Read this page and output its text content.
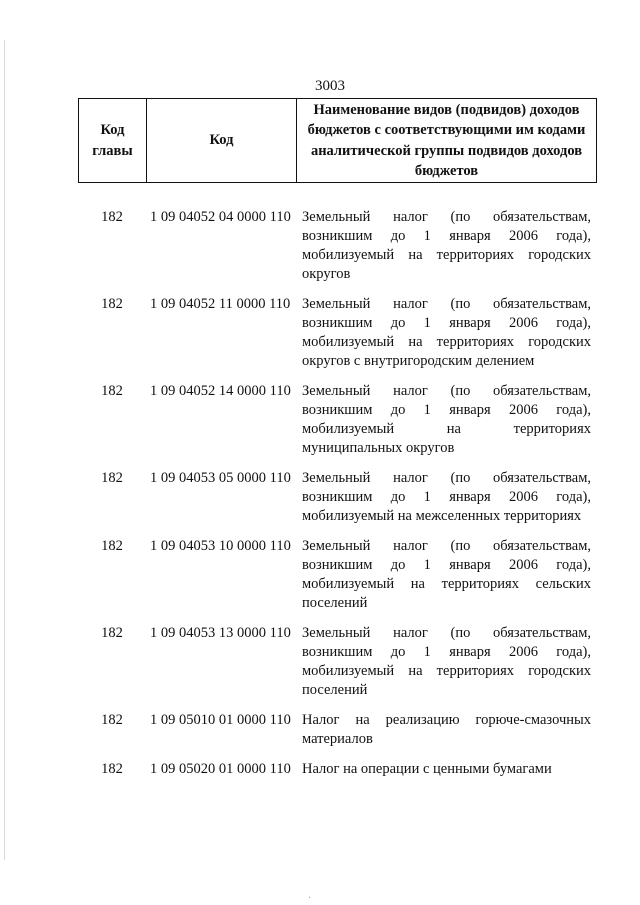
3003
Код главы
Код
Наименование видов (подвидов) доходов бюджетов с соответствующими им кодами аналитической группы подвидов доходов бюджетов
182	1 09 04052 04 0000 110 Земельный налог (по обязательствам, возникшим до 1 января 2006 года), мобилизуемый на территориях городских округов
182	1 09 04052 11 0000 110 Земельный налог (по обязательствам, возникшим до 1 января 2006 года), мобилизуемый на территориях городских округов с внутригородским делением
182	1 09 04052 14 0000 110 Земельный налог (по обязательствам, возникшим до 1 января 2006 года), мобилизуемый на территориях муниципальных округов
182	1 09 04053 05 0000 110 Земельный налог (по обязательствам, возникшим до 1 января 2006 года), мобилизуемый на межселенных территориях
182	1 09 04053 10 0000 110 Земельный налог (по обязательствам, возникшим до 1 января 2006 года), мобилизуемый на территориях сельских поселений
182	1 09 04053 13 0000 110 Земельный налог (по обязательствам, возникшим до 1 января 2006 года), мобилизуемый на территориях городских поселений
182	1 09 05010 01 0000 110 Налог на реализацию горюче-смазочных материалов
182	1 09 05020 01 0000 110 Налог на операции с ценными бумагами
·
